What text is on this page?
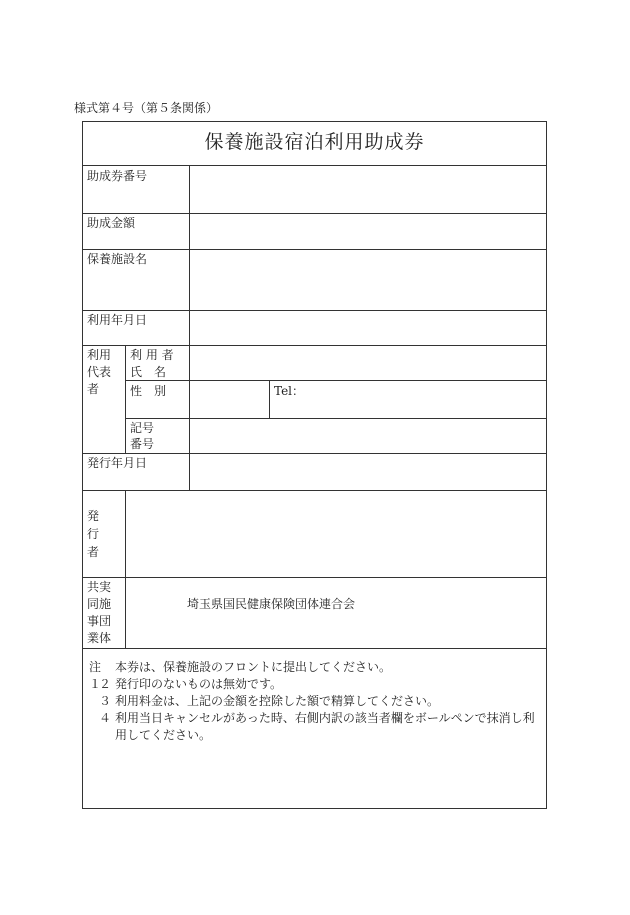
様式第４号（第５条関係）
保養施設宿泊利用助成券
助成券番号
助成金額
保養施設名
利用年月日
利用
代表
者
利 用 者
氏　名
性　別	Tel：
記号
番号
発行年月日
発
行
者
共実
同施
事団
業体
埼玉県国民健康保険団体連合会
注１
本券は、保養施設のフロントに提出してください。
２ 発行印のないものは無効です。
３ 利用料金は、上記の金額を控除した額で精算してください。
４ 利用当日キャンセルがあった時、右側内訳の該当者欄をボールペンで抹消し利用してください。
